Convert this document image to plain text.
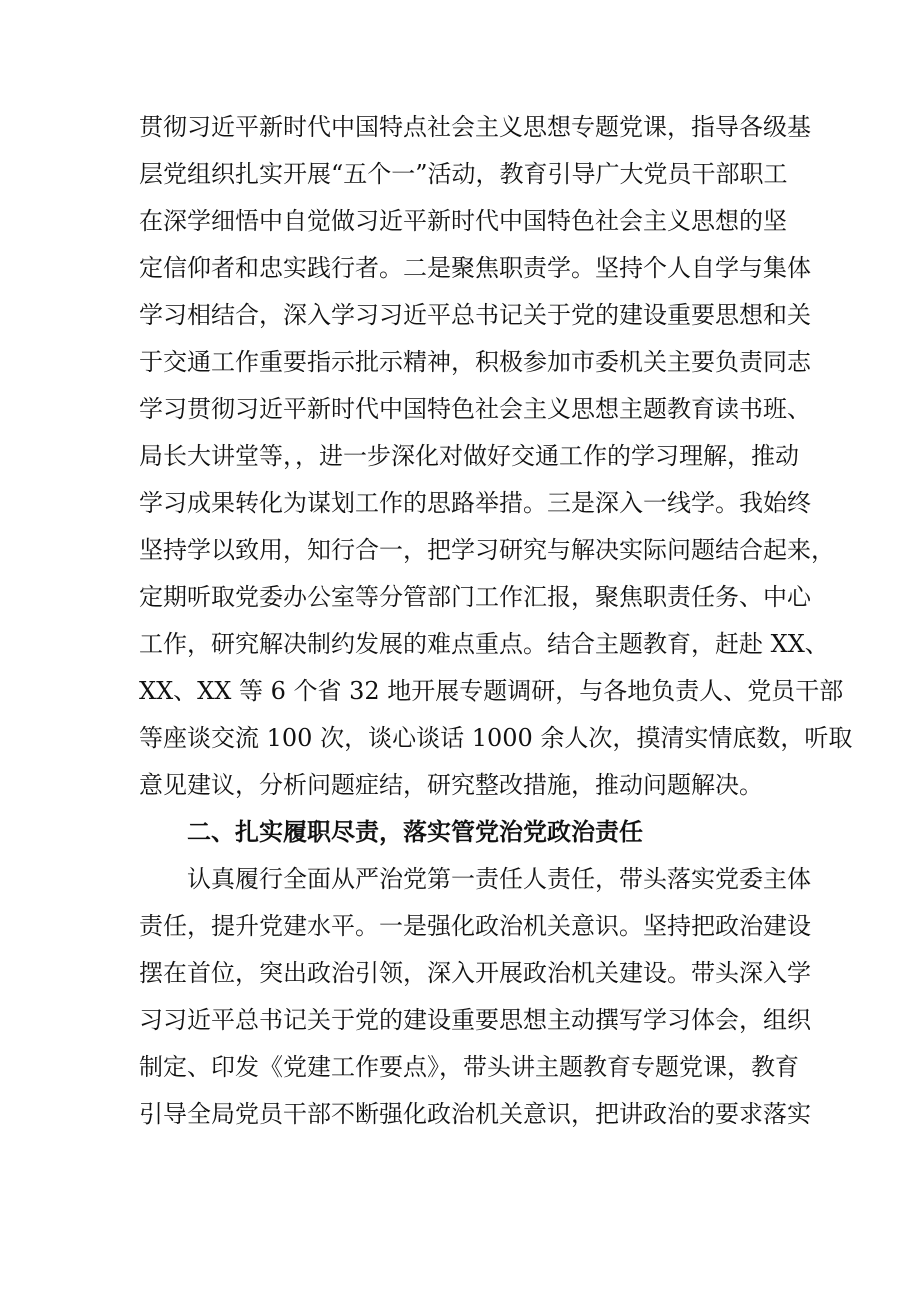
贯彻习近平新时代中国特点社会主义思想专题党课，指导各级基
层党组织扎实开展“五个一”活动，教育引导广大党员干部职工
在深学细悟中自觉做习近平新时代中国特色社会主义思想的坚
定信仰者和忠实践行者。二是聚焦职责学。坚持个人自学与集体
学习相结合，深入学习习近平总书记关于党的建设重要思想和关
于交通工作重要指示批示精神，积极参加市委机关主要负责同志
学习贯彻习近平新时代中国特色社会主义思想主题教育读书班、
局长大讲堂等，，进一步深化对做好交通工作的学习理解，推动
学习成果转化为谋划工作的思路举措。三是深入一线学。我始终
坚持学以致用，知行合一，把学习研究与解决实际问题结合起来，
定期听取党委办公室等分管部门工作汇报，聚焦职责任务、中心
工作，研究解决制约发展的难点重点。结合主题教育，赶赴 XX、
XX、XX 等 6 个省 32 地开展专题调研，与各地负责人、党员干部
等座谈交流 100 次，谈心谈话 1000 余人次，摸清实情底数，听取
意见建议，分析问题症结，研究整改措施，推动问题解决。
二、扎实履职尽责，落实管党治党政治责任
认真履行全面从严治党第一责任人责任，带头落实党委主体
责任，提升党建水平。一是强化政治机关意识。坚持把政治建设
摆在首位，突出政治引领，深入开展政治机关建设。带头深入学
习习近平总书记关于党的建设重要思想主动撰写学习体会，组织
制定、印发《党建工作要点》，带头讲主题教育专题党课，教育
引导全局党员干部不断强化政治机关意识，把讲政治的要求落实
